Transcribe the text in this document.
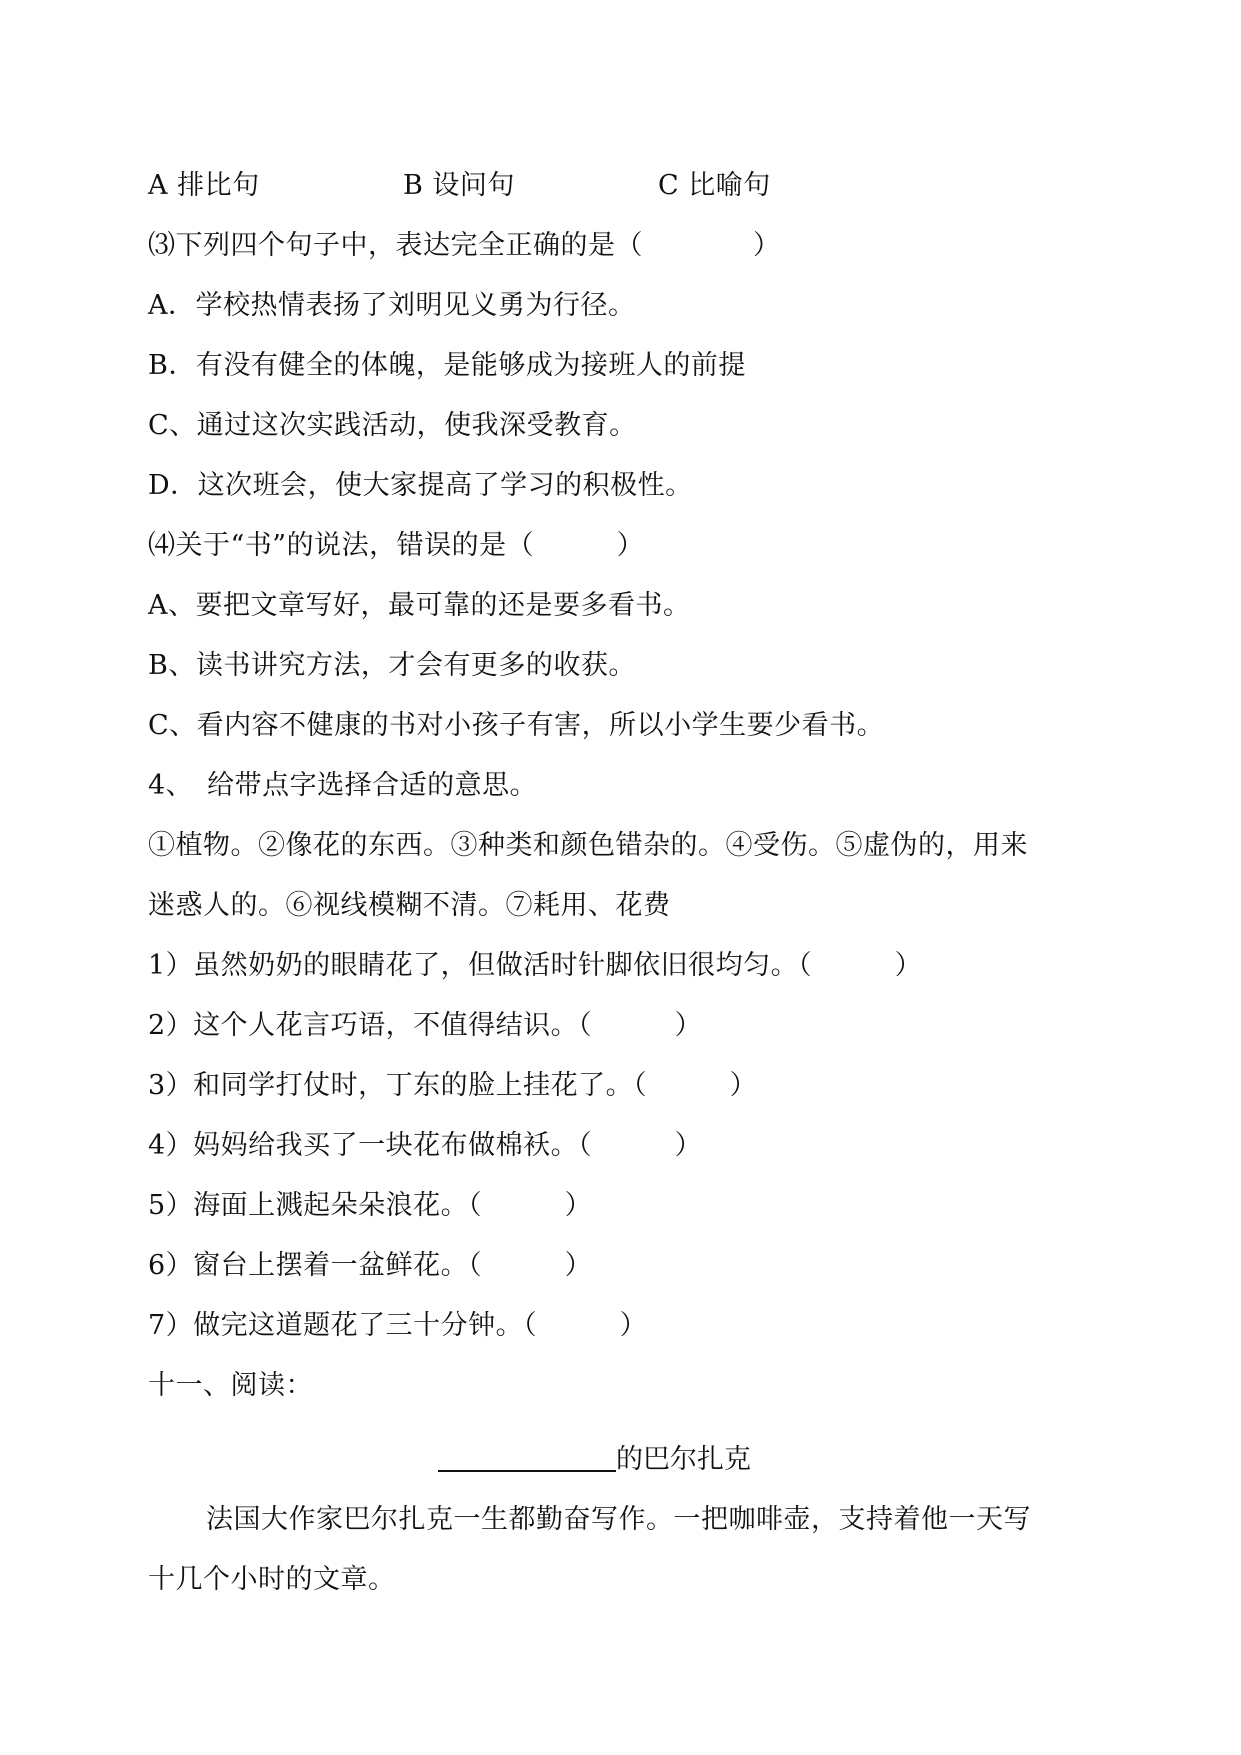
A 排比句	B 设问句	C 比喻句
⑶下列四个句子中，表达完全正确的是（　　　　）
A．学校热情表扬了刘明见义勇为行径。
B．有没有健全的体魄，是能够成为接班人的前提
C、通过这次实践活动，使我深受教育。
D．这次班会，使大家提高了学习的积极性。
⑷关于“书”的说法，错误的是（　　　）
A、要把文章写好，最可靠的还是要多看书。
B、读书讲究方法，才会有更多的收获。
C、看内容不健康的书对小孩子有害，所以小学生要少看书。
4、　给带点字选择合适的意思。
①植物。②像花的东西。③种类和颜色错杂的。④受伤。⑤虚伪的，用来
迷惑人的。⑥视线模糊不清。⑦耗用、花费
1）虽然奶奶的眼睛花了，但做活时针脚依旧很均匀。（　　　）
2）这个人花言巧语，不值得结识。（　　　）
3）和同学打仗时，丁东的脸上挂花了。（　　　）
4）妈妈给我买了一块花布做棉袄。（　　　）
5）海面上溅起朵朵浪花。（　　　）
6）窗台上摆着一盆鲜花。（　　　）
7）做完这道题花了三十分钟。（　　　）
十一、阅读：
的巴尔扎克
法国大作家巴尔扎克一生都勤奋写作。一把咖啡壶，支持着他一天写
十几个小时的文章。
